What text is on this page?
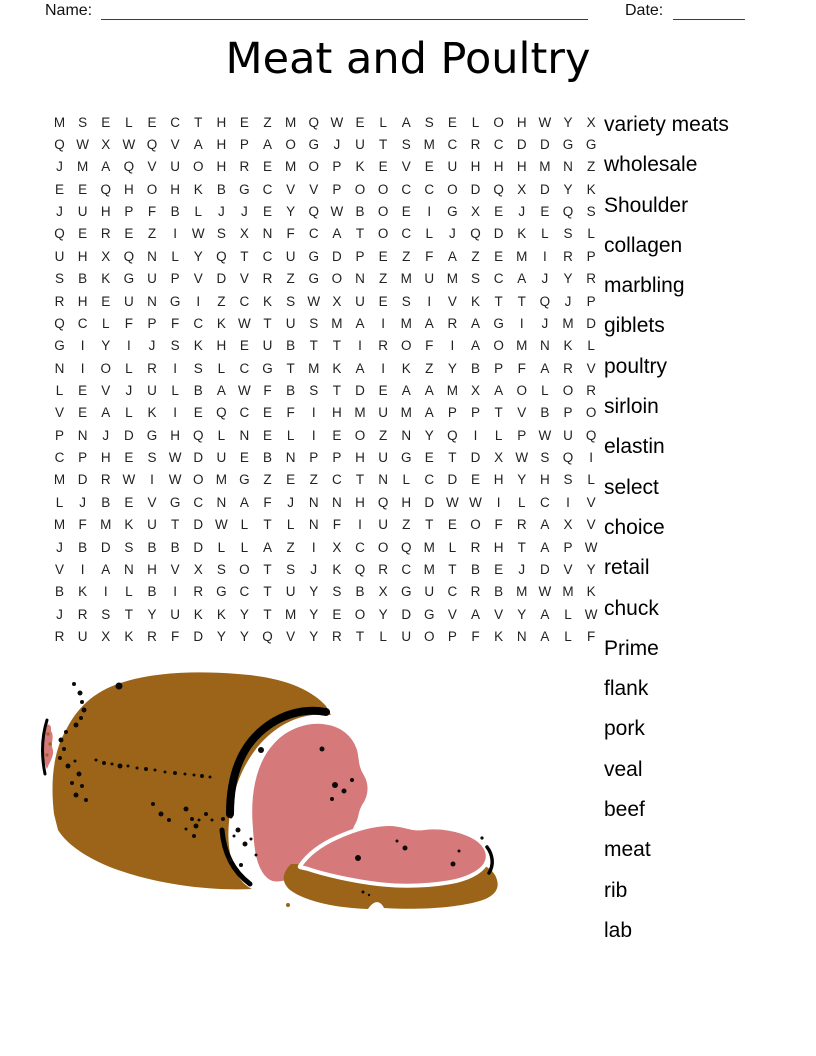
Name:	Date:
Meat and Poultry
M S	E	L	E	C	T	H	E	Z M Q W E	L	A	S	E	L	O H W Y	X
Q W X W Q V	A	H	P	A O G	J	U	T	S M C R C D D G G
J	M A Q V	U O H R	E M O P	K	E	V	E	U H H H M N	Z
E	E Q H O H	K	B G C	V	V	P O O C C O D Q X	D	Y	K
J	U H	P	F	B	L	J	J	E	Y Q W B O E	I	G X	E	J	E Q S
Q E	R	E	Z	I	W S	X	N	F	C	A	T	O C	L	J	Q D	K	L	S	L
U H	X Q N	L	Y Q	T	C U G D	P	E	Z	F	A	Z	E M	I	R	P
S	B	K G U	P	V	D	V	R	Z	G O N	Z M U M S	C	A	J	Y	R
R H	E	U N G	I	Z	C	K	S W X	U	E	S	I	V	K	T	T	Q	J	P
Q C	L	F	P	F	C	K W T	U	S M A	I	M A	R	A G	I	J	M D
G	I	Y	I	J	S	K	H	E	U	B	T	T	I	R O	F	I	A O M N	K	L
N	I	O	L	R	I	S	L	C G	T M K	A	I	K	Z	Y	B	P	F	A	R	V
L	E	V	J	U	L	B	A W F	B	S	T	D	E	A	A M X	A O	L	O R
V	E	A	L	K	I	E Q C	E	F	I	H M U M A	P	P	T	V	B	P O
P	N	J	D G H Q	L	N	E	L	I	E O	Z	N	Y Q	I	L	P W U Q
C	P	H	E	S W D U	E	B	N	P	P	H U G E	T	D	X W S Q	I
M D R W	I	W O M G	Z	E	Z	C	T	N	L	C D	E	H	Y	H	S	L
L	J	B	E	V G C N	A	F	J	N N H Q H D W W	I	L	C	I	V
M F M K	U	T	D W L	T	L	N	F	I	U	Z	T	E O	F	R	A	X	V
J	B	D	S	B	B	D	L	L	A	Z	I	X	C O Q M	L	R H	T	A	P W
V	I	A	N H	V	X	S O	T	S	J	K Q R C M T	B	E	J	D	V	Y
B	K	I	L	B	I	R G C	T	U	Y	S	B	X G U C R	B M W M K
J	R	S	T	Y	U	K	K	Y	T M Y	E O Y	D G V	A	V	Y	A	L W
R U	X	K	R	F	D	Y	Y Q V	Y	R	T	L	U O P	F	K	N	A	L	F
variety meats
wholesale
Shoulder
collagen
marbling
giblets
poultry
sirloin
elastin
select
choice
retail
chuck
Prime
flank
pork
veal
beef
meat
rib
lab
